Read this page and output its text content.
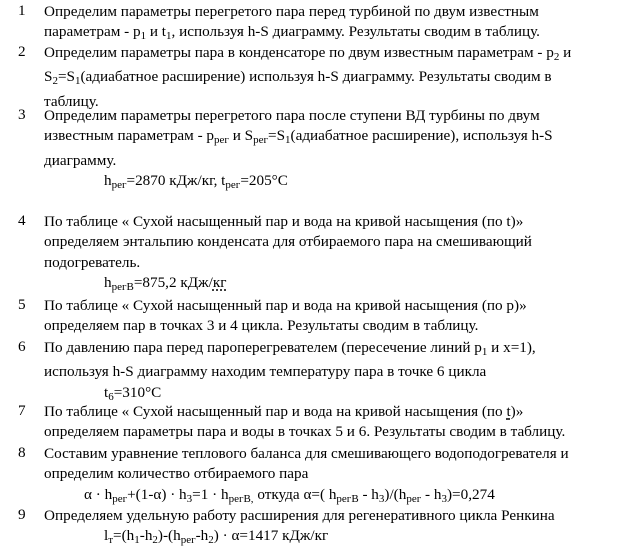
1 Определим параметры перегретого пара перед турбиной по двум известным
параметрам - $p_1$ и $t_1$, используя h-S диаграмму. Результаты сводим в таблицу.
2 Определим параметры пара в конденсаторе по двум известным параметрам - $p_2$ и
$S_2=S_1(адиабатное$ расширение) используя h-S диаграмму. Результаты сводим в
таблицу.
3 Определим параметры перегретого пара после ступени ВД турбины по двум
известным параметрам - $p_{рег}$ и $S_{рег}=S_1(адиабатное$ расширение), используя h-S
диаграмму.
$h_{рег}=2870$ кДж/кг, $t_{рег}=205^\circ C$
4 По таблице « Сухой насыщенный пар и вода на кривой насыщения (по t)»
определяем энтальпию конденсата для отбираемого пара на смешивающий
подогреватель.
$h_{регВ}=875,2$ кДж/кг
5 По таблице « Сухой насыщенный пар и вода на кривой насыщения (по p)»
определяем пар в точках 3 и 4 цикла. Результаты сводим в таблицу.
6 По давлению пара перед пароперегревателем (пересечение линий $p_1$ и x=1),
используя h-S диаграмму находим температуру пара в точке 6 цикла
$t_6=310^\circ C$
7 По таблице « Сухой насыщенный пар и вода на кривой насыщения (по t)»
определяем параметры пара и воды в точках 5 и 6. Результаты сводим в таблицу.
8 Составим уравнение теплового баланса для смешивающего водоподогревателя и
определим количество отбираемого пара
$\alpha \cdot h_{рег}+(1-\alpha) \cdot h_3=1 \cdot h_{регВ,}$ откуда α=( $h_{регВ} - h_3)/(h_{рег} - h_3)=0,274$
9 Определяем удельную работу расширения для регенеративного цикла Ренкина
$l_т=(h_1-h_2)-(h_{рег}-h_2) \cdot \alpha=1417$ кДж/кг
